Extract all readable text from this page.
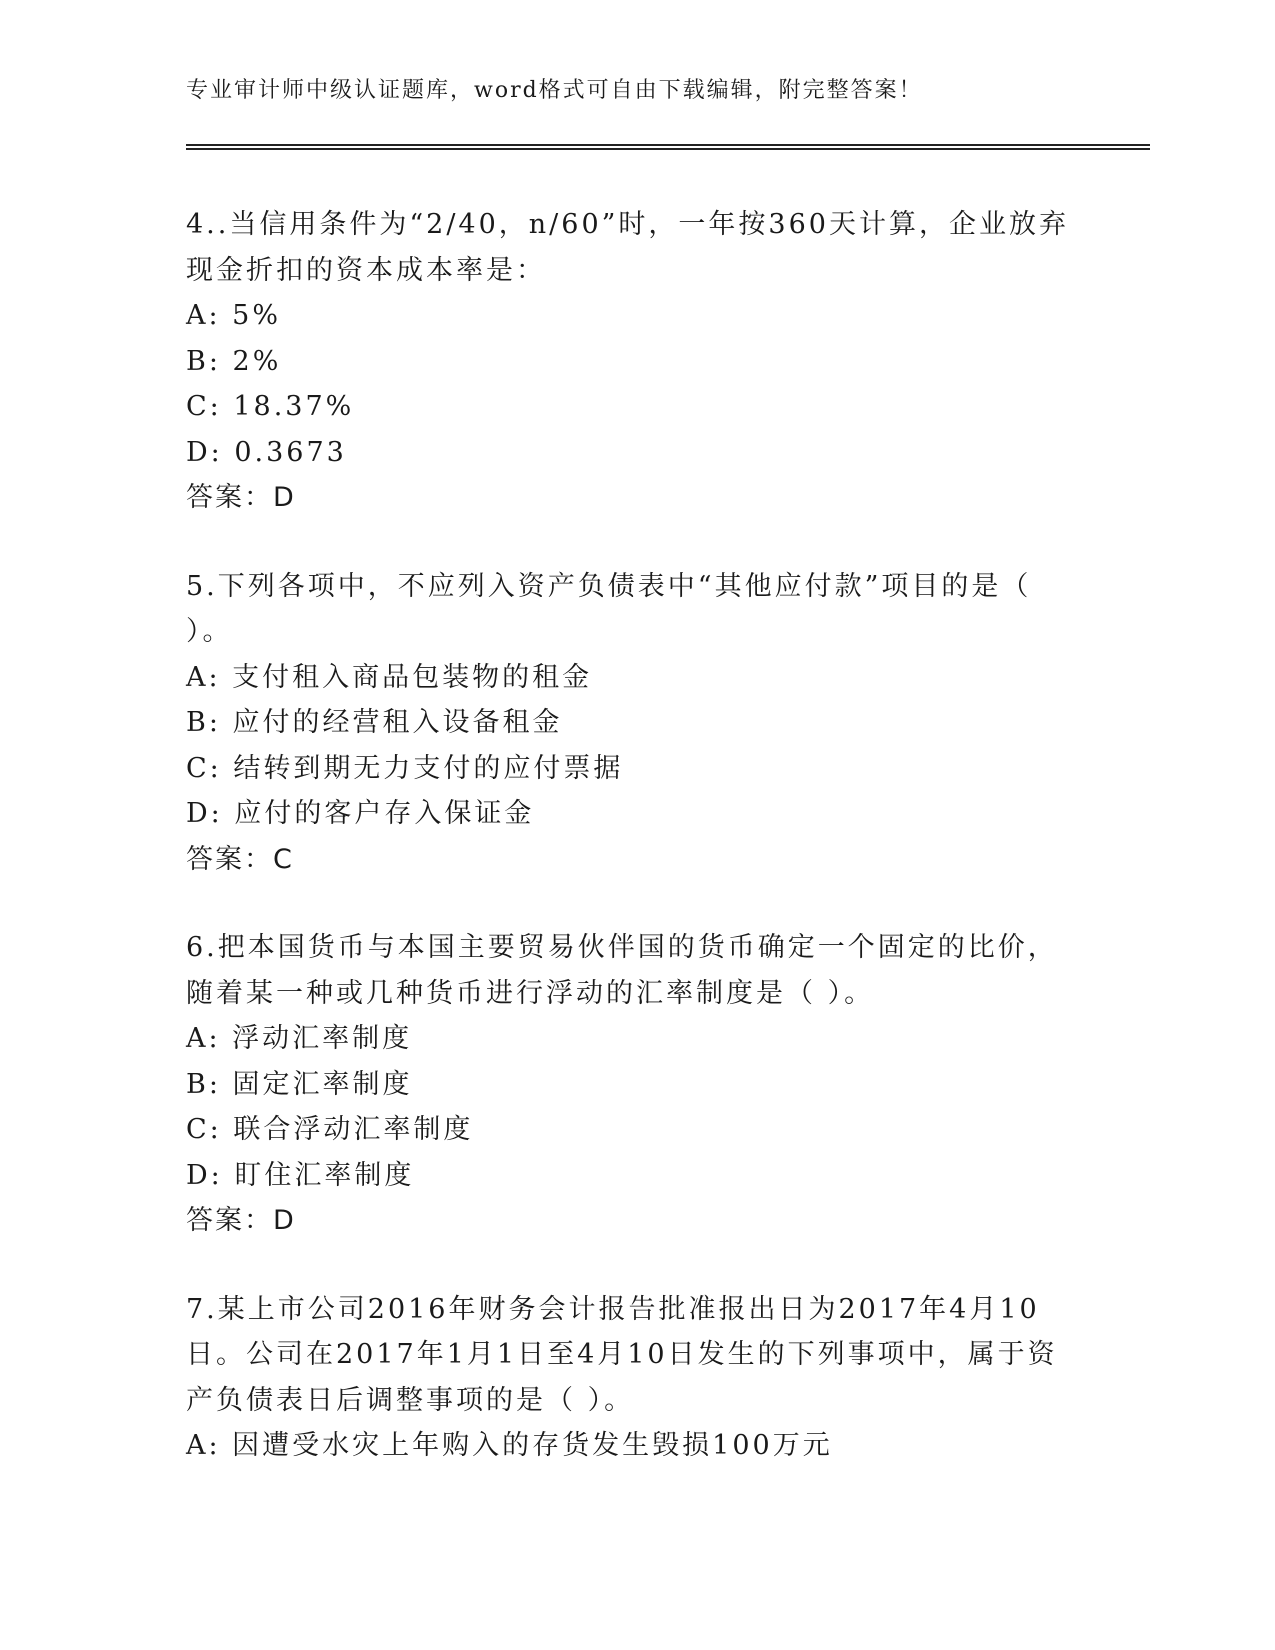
专业审计师中级认证题库，word格式可自由下载编辑，附完整答案！
4..当信用条件为“2/40，n/60”时，一年按360天计算，企业放弃现金折扣的资本成本率是：
A: 5%
B: 2%
C: 18.37%
D: 0.3673
答案：D
5.下列各项中，不应列入资产负债表中“其他应付款”项目的是（ ）。
A: 支付租入商品包装物的租金
B: 应付的经营租入设备租金
C: 结转到期无力支付的应付票据
D: 应付的客户存入保证金
答案：C
6.把本国货币与本国主要贸易伙伴国的货币确定一个固定的比价，随着某一种或几种货币进行浮动的汇率制度是（ ）。
A: 浮动汇率制度
B: 固定汇率制度
C: 联合浮动汇率制度
D: 盯住汇率制度
答案：D
7.某上市公司2016年财务会计报告批准报出日为2017年4月10日。公司在2017年1月1日至4月10日发生的下列事项中，属于资产负债表日后调整事项的是（ ）。
A: 因遭受水灾上年购入的存货发生毁损100万元
